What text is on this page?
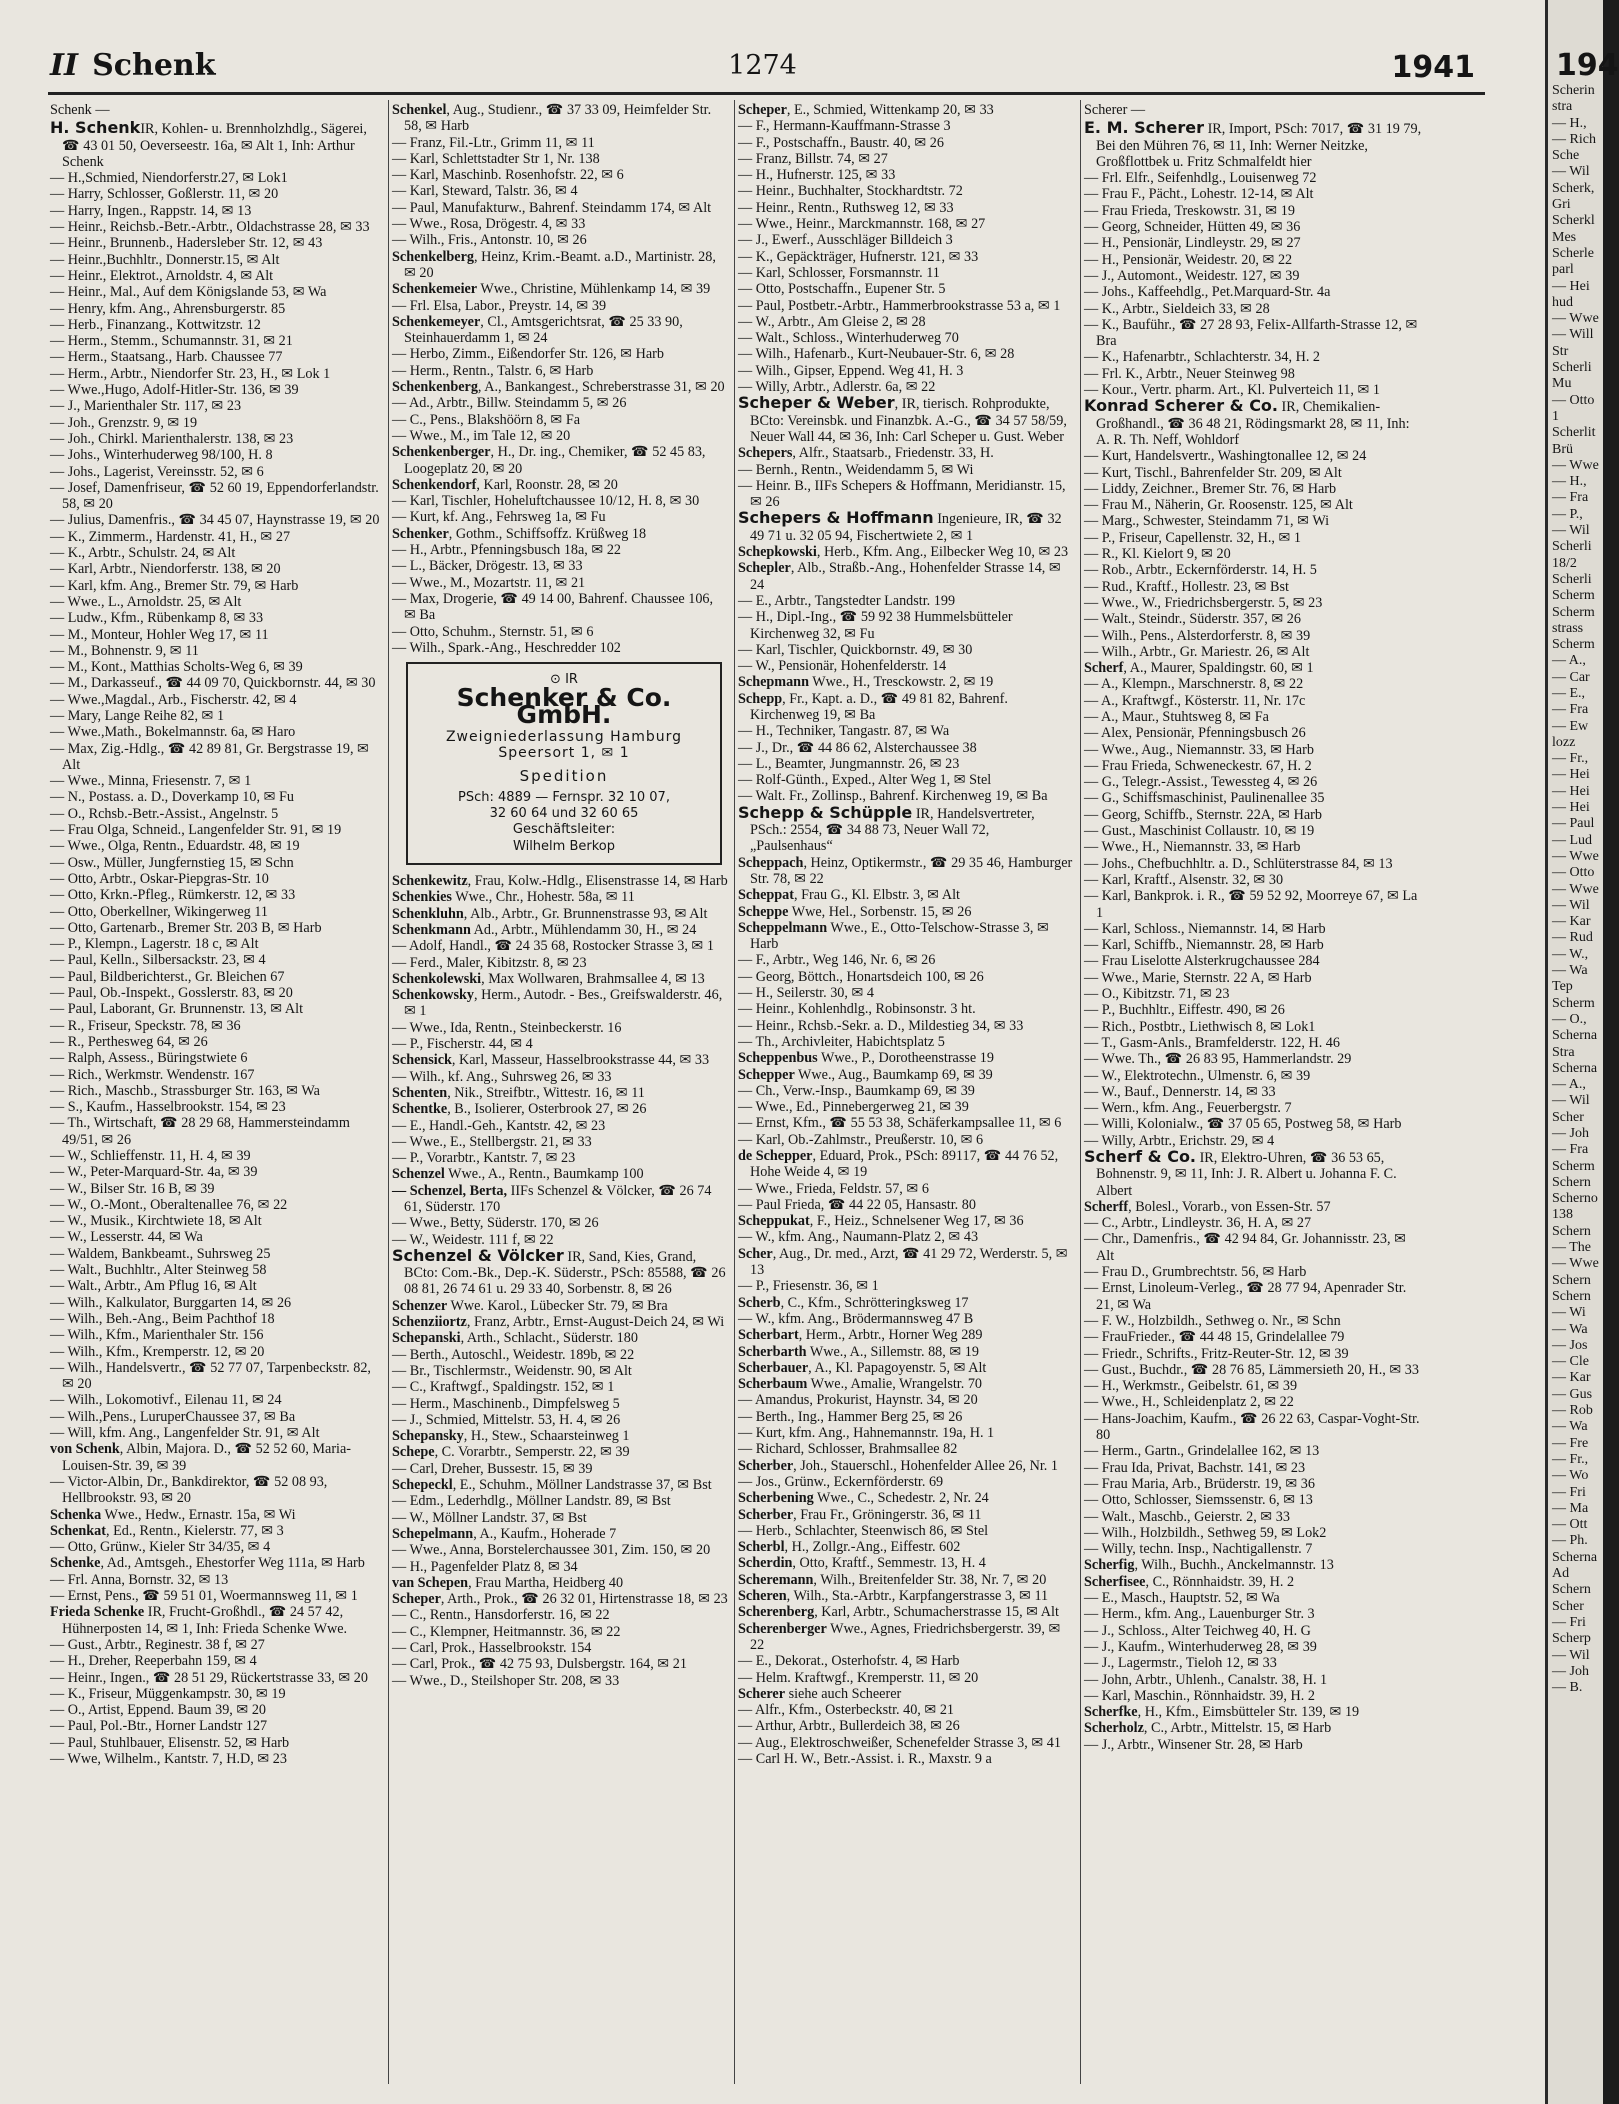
II Schenk	1274	1941
Schenk —

H. SchenkIR, Kohlen- u. Brennholzhdlg., Sägerei, ☎ 43 01 50, Oeverseestr. 16a, ✉ Alt 1, Inh: Arthur Schenk

— H.,Schmied, Niendorferstr.27, ✉ Lok1

— Harry, Schlosser, Goßlerstr. 11, ✉ 20

— Harry, Ingen., Rappstr. 14, ✉ 13

— Heinr., Reichsb.-Betr.-Arbtr., Oldachstrasse 28, ✉ 33

— Heinr., Brunnenb., Hadersleber Str. 12, ✉ 43

— Heinr.,Buchhltr., Donnerstr.15, ✉ Alt

— Heinr., Elektrot., Arnoldstr. 4, ✉ Alt

— Heinr., Mal., Auf dem Königslande 53, ✉ Wa

— Henry, kfm. Ang., Ahrensburgerstr. 85

— Herb., Finanzang., Kottwitzstr. 12

— Herm., Stemm., Schumannstr. 31, ✉ 21

— Herm., Staatsang., Harb. Chaussee 77

— Herm., Arbtr., Niendorfer Str. 23, H., ✉ Lok 1

— Wwe.,Hugo, Adolf-Hitler-Str. 136, ✉ 39

— J., Marienthaler Str. 117, ✉ 23

— Joh., Grenzstr. 9, ✉ 19

— Joh., Chirkl. Marienthalerstr. 138, ✉ 23

— Johs., Winterhuderweg 98/100, H. 8

— Johs., Lagerist, Vereinsstr. 52, ✉ 6

— Josef, Damenfriseur, ☎ 52 60 19, Eppendorferlandstr. 58, ✉ 20

— Julius, Damenfris., ☎ 34 45 07, Haynstrasse 19, ✉ 20

— K., Zimmerm., Hardenstr. 41, H., ✉ 27

— K., Arbtr., Schulstr. 24, ✉ Alt

— Karl, Arbtr., Niendorferstr. 138, ✉ 20

— Karl, kfm. Ang., Bremer Str. 79, ✉ Harb

— Wwe., L., Arnoldstr. 25, ✉ Alt

— Ludw., Kfm., Rübenkamp 8, ✉ 33

— M., Monteur, Hohler Weg 17, ✉ 11

— M., Bohnenstr. 9, ✉ 11

— M., Kont., Matthias Scholts-Weg 6, ✉ 39

— M., Darkasseuf., ☎ 44 09 70, Quickbornstr. 44, ✉ 30

— Wwe.,Magdal., Arb., Fischerstr. 42, ✉ 4

— Mary, Lange Reihe 82, ✉ 1

— Wwe.,Math., Bokelmannstr. 6a, ✉ Haro

— Max, Zig.-Hdlg., ☎ 42 89 81, Gr. Bergstrasse 19, ✉ Alt

— Wwe., Minna, Friesenstr. 7, ✉ 1

— N., Postass. a. D., Doverkamp 10, ✉ Fu

— O., Rchsb.-Betr.-Assist., Angelnstr. 5

— Frau Olga, Schneid., Langenfelder Str. 91, ✉ 19

— Wwe., Olga, Rentn., Eduardstr. 48, ✉ 19

— Osw., Müller, Jungfernstieg 15, ✉ Schn

— Otto, Arbtr., Oskar-Piepgras-Str. 10

— Otto, Krkn.-Pfleg., Rümkerstr. 12, ✉ 33

— Otto, Oberkellner, Wikingerweg 11

— Otto, Gartenarb., Bremer Str. 203 B, ✉ Harb

— P., Klempn., Lagerstr. 18 c, ✉ Alt

— Paul, Kelln., Silbersackstr. 23, ✉ 4

— Paul, Bildberichterst., Gr. Bleichen 67

— Paul, Ob.-Inspekt., Gosslerstr. 83, ✉ 20

— Paul, Laborant, Gr. Brunnenstr. 13, ✉ Alt

— R., Friseur, Speckstr. 78, ✉ 36

— R., Perthesweg 64, ✉ 26

— Ralph, Assess., Büringstwiete 6

— Rich., Werkmstr. Wendenstr. 167

— Rich., Maschb., Strassburger Str. 163, ✉ Wa

— S., Kaufm., Hasselbrookstr. 154, ✉ 23

— Th., Wirtschaft, ☎ 28 29 68, Hammersteindamm 49/51, ✉ 26

— W., Schlieffenstr. 11, H. 4, ✉ 39

— W., Peter-Marquard-Str. 4a, ✉ 39

— W., Bilser Str. 16 B, ✉ 39

— W., O.-Mont., Oberaltenallee 76, ✉ 22

— W., Musik., Kirchtwiete 18, ✉ Alt

— W., Lesserstr. 44, ✉ Wa

— Waldem, Bankbeamt., Suhrsweg 25

— Walt., Buchhltr., Alter Steinweg 58

— Walt., Arbtr., Am Pflug 16, ✉ Alt

— Wilh., Kalkulator, Burggarten 14, ✉ 26

— Wilh., Beh.-Ang., Beim Pachthof 18

— Wilh., Kfm., Marienthaler Str. 156

— Wilh., Kfm., Kremperstr. 12, ✉ 20

— Wilh., Handelsvertr., ☎ 52 77 07, Tarpenbeckstr. 82, ✉ 20

— Wilh., Lokomotivf., Eilenau 11, ✉ 24

— Wilh.,Pens., LuruperChaussee 37, ✉ Ba

— Will, kfm. Ang., Langenfelder Str. 91, ✉ Alt

von Schenk, Albin, Majora. D., ☎ 52 52 60, Maria-Louisen-Str. 39, ✉ 39

— Victor-Albin, Dr., Bankdirektor, ☎ 52 08 93, Hellbrookstr. 93, ✉ 20

Schenka Wwe., Hedw., Ernastr. 15a, ✉ Wi

Schenkat, Ed., Rentn., Kielerstr. 77, ✉ 3

— Otto, Grünw., Kieler Str 34/35, ✉ 4

Schenke, Ad., Amtsgeh., Ehestorfer Weg 111a, ✉ Harb

— Frl. Anna, Bornstr. 32, ✉ 13

— Ernst, Pens., ☎ 59 51 01, Woermannsweg 11, ✉ 1

Frieda Schenke IR, Frucht-Großhdl., ☎ 24 57 42, Hühnerposten 14, ✉ 1, Inh: Frieda Schenke Wwe.

— Gust., Arbtr., Reginestr. 38 f, ✉ 27

— H., Dreher, Reeperbahn 159, ✉ 4

— Heinr., Ingen., ☎ 28 51 29, Rückertstrasse 33, ✉ 20

— K., Friseur, Müggenkampstr. 30, ✉ 19

— O., Artist, Eppend. Baum 39, ✉ 20

— Paul, Pol.-Btr., Horner Landstr 127

— Paul, Stuhlbauer, Elisenstr. 52, ✉ Harb

— Wwe, Wilhelm., Kantstr. 7, H.D, ✉ 23

Schenkel, Aug., Studienr., ☎ 37 33 09, Heimfelder Str. 58, ✉ Harb

— Franz, Fil.-Ltr., Grimm 11, ✉ 11

— Karl, Schlettstadter Str 1, Nr. 138

— Karl, Maschinb. Rosenhofstr. 22, ✉ 6

— Karl, Steward, Talstr. 36, ✉ 4

— Paul, Manufakturw., Bahrenf. Steindamm 174, ✉ Alt

— Wwe., Rosa, Drögestr. 4, ✉ 33

— Wilh., Fris., Antonstr. 10, ✉ 26

Schenkelberg, Heinz, Krim.-Beamt. a.D., Martinistr. 28, ✉ 20

Schenkemeier Wwe., Christine, Mühlenkamp 14, ✉ 39

— Frl. Elsa, Labor., Preystr. 14, ✉ 39

Schenkemeyer, Cl., Amtsgerichtsrat, ☎ 25 33 90, Steinhauerdamm 1, ✉ 24

— Herbo, Zimm., Eißendorfer Str. 126, ✉ Harb

— Herm., Rentn., Talstr. 6, ✉ Harb

Schenkenberg, A., Bankangest., Schreberstrasse 31, ✉ 20

— Ad., Arbtr., Billw. Steindamm 5, ✉ 26

— C., Pens., Blakshöörn 8, ✉ Fa

— Wwe., M., im Tale 12, ✉ 20

Schenkenberger, H., Dr. ing., Chemiker, ☎ 52 45 83, Loogeplatz 20, ✉ 20

Schenkendorf, Karl, Roonstr. 28, ✉ 20

— Karl, Tischler, Hoheluftchaussee 10/12, H. 8, ✉ 30

— Kurt, kf. Ang., Fehrsweg 1a, ✉ Fu

Schenker, Gothm., Schiffsoffz. Krüßweg 18

— H., Arbtr., Pfenningsbusch 18a, ✉ 22

— L., Bäcker, Drögestr. 13, ✉ 33

— Wwe., M., Mozartstr. 11, ✉ 21

— Max, Drogerie, ☎ 49 14 00, Bahrenf. Chaussee 106, ✉ Ba

— Otto, Schuhm., Sternstr. 51, ✉ 6

— Wilh., Spark.-Ang., Heschredder 102

⊙ IR
Schenker & Co. GmbH.
Zweigniederlassung Hamburg
Speersort 1, ✉ 1
Spedition
PSch: 4889 — Fernspr. 32 10 07,
32 60 64 und 32 60 65
Geschäftsleiter:
Wilhelm Berkop

Schenkewitz, Frau, Kolw.-Hdlg., Elisenstrasse 14, ✉ Harb

Schenkies Wwe., Chr., Hohestr. 58a, ✉ 11

Schenkluhn, Alb., Arbtr., Gr. Brunnenstrasse 93, ✉ Alt

Schenkmann Ad., Arbtr., Mühlendamm 30, H., ✉ 24

— Adolf, Handl., ☎ 24 35 68, Rostocker Strasse 3, ✉ 1

— Ferd., Maler, Kibitzstr. 8, ✉ 23

Schenkolewski, Max Wollwaren, Brahmsallee 4, ✉ 13

Schenkowsky, Herm., Autodr. - Bes., Greifswalderstr. 46, ✉ 1

— Wwe., Ida, Rentn., Steinbeckerstr. 16

— P., Fischerstr. 44, ✉ 4

Schensick, Karl, Masseur, Hasselbrookstrasse 44, ✉ 33

— Wilh., kf. Ang., Suhrsweg 26, ✉ 33

Schenten, Nik., Streifbtr., Wittestr. 16, ✉ 11

Schentke, B., Isolierer, Osterbrook 27, ✉ 26

— E., Handl.-Geh., Kantstr. 42, ✉ 23

— Wwe., E., Stellbergstr. 21, ✉ 33

— P., Vorarbtr., Kantstr. 7, ✉ 23

Schenzel Wwe., A., Rentn., Baumkamp 100

— Schenzel, Berta, IIFs Schenzel & Völcker, ☎ 26 74 61, Süderstr. 170

— Wwe., Betty, Süderstr. 170, ✉ 26

— W., Weidestr. 111 f, ✉ 22

Schenzel & Völcker IR, Sand, Kies, Grand, BCto: Com.-Bk., Dep.-K. Süderstr., PSch: 85588, ☎ 26 08 81, 26 74 61 u. 29 33 40, Sorbenstr. 8, ✉ 26

Schenzer Wwe. Karol., Lübecker Str. 79, ✉ Bra

Schenziiortz, Franz, Arbtr., Ernst-August-Deich 24, ✉ Wi

Schepanski, Arth., Schlacht., Süderstr. 180

— Berth., Autoschl., Weidestr. 189b, ✉ 22

— Br., Tischlermstr., Weidenstr. 90, ✉ Alt

— C., Kraftwgf., Spaldingstr. 152, ✉ 1

— Herm., Maschinenb., Dimpfelsweg 5

— J., Schmied, Mittelstr. 53, H. 4, ✉ 26

Schepansky, H., Stew., Schaarsteinweg 1

Schepe, C. Vorarbtr., Semperstr. 22, ✉ 39

— Carl, Dreher, Bussestr. 15, ✉ 39

Schepeckl, E., Schuhm., Möllner Landstrasse 37, ✉ Bst

— Edm., Lederhdlg., Möllner Landstr. 89, ✉ Bst

— W., Möllner Landstr. 37, ✉ Bst

Schepelmann, A., Kaufm., Hoherade 7

— Wwe., Anna, Borstelerchaussee 301, Zim. 150, ✉ 20

— H., Pagenfelder Platz 8, ✉ 34

van Schepen, Frau Martha, Heidberg 40

Scheper, Arth., Prok., ☎ 26 32 01, Hirtenstrasse 18, ✉ 23

— C., Rentn., Hansdorferstr. 16, ✉ 22

— C., Klempner, Heitmannstr. 36, ✉ 22

— Carl, Prok., Hasselbrookstr. 154

— Carl, Prok., ☎ 42 75 93, Dulsbergstr. 164, ✉ 21

— Wwe., D., Steilshoper Str. 208, ✉ 33

Scheper, E., Schmied, Wittenkamp 20, ✉ 33

— F., Hermann-Kauffmann-Strasse 3

— F., Postschaffn., Baustr. 40, ✉ 26

— Franz, Billstr. 74, ✉ 27

— H., Hufnerstr. 125, ✉ 33

— Heinr., Buchhalter, Stockhardtstr. 72

— Heinr., Rentn., Ruthsweg 12, ✉ 33

— Wwe., Heinr., Marckmannstr. 168, ✉ 27

— J., Ewerf., Ausschläger Billdeich 3

— K., Gepäckträger, Hufnerstr. 121, ✉ 33

— Karl, Schlosser, Forsmannstr. 11

— Otto, Postschaffn., Eupener Str. 5

— Paul, Postbetr.-Arbtr., Hammerbrookstrasse 53 a, ✉ 1

— W., Arbtr., Am Gleise 2, ✉ 28

— Walt., Schloss., Winterhuderweg 70

— Wilh., Hafenarb., Kurt-Neubauer-Str. 6, ✉ 28

— Wilh., Gipser, Eppend. Weg 41, H. 3

— Willy, Arbtr., Adlerstr. 6a, ✉ 22

Scheper & Weber, IR, tierisch. Rohprodukte, BCto: Vereinsbk. und Finanzbk. A.-G., ☎ 34 57 58/59, Neuer Wall 44, ✉ 36, Inh: Carl Scheper u. Gust. Weber

Schepers, Alfr., Staatsarb., Friedenstr. 33, H.

— Bernh., Rentn., Weidendamm 5, ✉ Wi

— Heinr. B., IIFs Schepers & Hoffmann, Meridianstr. 15, ✉ 26

Schepers & Hoffmann Ingenieure, IR, ☎ 32 49 71 u. 32 05 94, Fischertwiete 2, ✉ 1

Schepkowski, Herb., Kfm. Ang., Eilbecker Weg 10, ✉ 23

Schepler, Alb., Straßb.-Ang., Hohenfelder Strasse 14, ✉ 24

— E., Arbtr., Tangstedter Landstr. 199

— H., Dipl.-Ing., ☎ 59 92 38 Hummelsbütteler Kirchenweg 32, ✉ Fu

— Karl, Tischler, Quickbornstr. 49, ✉ 30

— W., Pensionär, Hohenfelderstr. 14

Schepmann Wwe., H., Tresckowstr. 2, ✉ 19

Schepp, Fr., Kapt. a. D., ☎ 49 81 82, Bahrenf. Kirchenweg 19, ✉ Ba

— H., Techniker, Tangastr. 87, ✉ Wa

— J., Dr., ☎ 44 86 62, Alsterchaussee 38

— L., Beamter, Jungmannstr. 26, ✉ 23

— Rolf-Günth., Exped., Alter Weg 1, ✉ Stel

— Walt. Fr., Zollinsp., Bahrenf. Kirchenweg 19, ✉ Ba

Schepp & Schüpple IR, Handelsvertreter, PSch.: 2554, ☎ 34 88 73, Neuer Wall 72, „Paulsenhaus“

Scheppach, Heinz, Optikermstr., ☎ 29 35 46, Hamburger Str. 78, ✉ 22

Scheppat, Frau G., Kl. Elbstr. 3, ✉ Alt

Scheppe Wwe, Hel., Sorbenstr. 15, ✉ 26

Scheppelmann Wwe., E., Otto-Telschow-Strasse 3, ✉ Harb

— F., Arbtr., Weg 146, Nr. 6, ✉ 26

— Georg, Böttch., Honartsdeich 100, ✉ 26

— H., Seilerstr. 30, ✉ 4

— Heinr., Kohlenhdlg., Robinsonstr. 3 ht.

— Heinr., Rchsb.-Sekr. a. D., Mildestieg 34, ✉ 33

— Th., Archivleiter, Habichtsplatz 5

Scheppenbus Wwe., P., Dorotheenstrasse 19

Schepper Wwe., Aug., Baumkamp 69, ✉ 39

— Ch., Verw.-Insp., Baumkamp 69, ✉ 39

— Wwe., Ed., Pinnebergerweg 21, ✉ 39

— Ernst, Kfm., ☎ 55 53 38, Schäferkampsallee 11, ✉ 6

— Karl, Ob.-Zahlmstr., Preußerstr. 10, ✉ 6

de Schepper, Eduard, Prok., PSch: 89117, ☎ 44 76 52, Hohe Weide 4, ✉ 19

— Wwe., Frieda, Feldstr. 57, ✉ 6

— Paul Frieda, ☎ 44 22 05, Hansastr. 80

Scheppukat, F., Heiz., Schnelsener Weg 17, ✉ 36

— W., kfm. Ang., Naumann-Platz 2, ✉ 43

Scher, Aug., Dr. med., Arzt, ☎ 41 29 72, Werderstr. 5, ✉ 13

— P., Friesenstr. 36, ✉ 1

Scherb, C., Kfm., Schrötteringksweg 17

— W., kfm. Ang., Brödermannsweg 47 B

Scherbart, Herm., Arbtr., Horner Weg 289

Scherbarth Wwe., A., Sillemstr. 88, ✉ 19

Scherbauer, A., Kl. Papagoyenstr. 5, ✉ Alt

Scherbaum Wwe., Amalie, Wrangelstr. 70

— Amandus, Prokurist, Haynstr. 34, ✉ 20

— Berth., Ing., Hammer Berg 25, ✉ 26

— Kurt, kfm. Ang., Hahnemannstr. 19a, H. 1

— Richard, Schlosser, Brahmsallee 82

Scherber, Joh., Stauerschl., Hohenfelder Allee 26, Nr. 1

— Jos., Grünw., Eckernförderstr. 69

Scherbening Wwe., C., Schedestr. 2, Nr. 24

Scherber, Frau Fr., Gröningerstr. 36, ✉ 11

— Herb., Schlachter, Steenwisch 86, ✉ Stel

Scherbl, H., Zollgr.-Ang., Eiffestr. 602

Scherdin, Otto, Kraftf., Semmestr. 13, H. 4

Scheremann, Wilh., Breitenfelder Str. 38, Nr. 7, ✉ 20

Scheren, Wilh., Sta.-Arbtr., Karpfangerstrasse 3, ✉ 11

Scherenberg, Karl, Arbtr., Schumacherstrasse 15, ✉ Alt

Scherenberger Wwe., Agnes, Friedrichsbergerstr. 39, ✉ 22

— E., Dekorat., Osterhofstr. 4, ✉ Harb

— Helm. Kraftwgf., Kremperstr. 11, ✉ 20

Scherer siehe auch Scheerer

— Alfr., Kfm., Osterbeckstr. 40, ✉ 21

— Arthur, Arbtr., Bullerdeich 38, ✉ 26

— Aug., Elektroschweißer, Schenefelder Strasse 3, ✉ 41

— Carl H. W., Betr.-Assist. i. R., Maxstr. 9 a

Scherer —

E. M. Scherer IR, Import, PSch: 7017, ☎ 31 19 79, Bei den Mühren 76, ✉ 11, Inh: Werner Neitzke, Großflottbek u. Fritz Schmalfeldt hier

— Frl. Elfr., Seifenhdlg., Louisenweg 72

— Frau F., Pächt., Lohestr. 12-14, ✉ Alt

— Frau Frieda, Treskowstr. 31, ✉ 19

— Georg, Schneider, Hütten 49, ✉ 36

— H., Pensionär, Lindleystr. 29, ✉ 27

— H., Pensionär, Weidestr. 20, ✉ 22

— J., Automont., Weidestr. 127, ✉ 39

— Johs., Kaffeehdlg., Pet.Marquard-Str. 4a

— K., Arbtr., Sieldeich 33, ✉ 28

— K., Bauführ., ☎ 27 28 93, Felix-Allfarth-Strasse 12, ✉ Bra

— K., Hafenarbtr., Schlachterstr. 34, H. 2

— Frl. K., Arbtr., Neuer Steinweg 98

— Kour., Vertr. pharm. Art., Kl. Pulverteich 11, ✉ 1

Konrad Scherer & Co. IR, Chemikalien-Großhandl., ☎ 36 48 21, Rödingsmarkt 28, ✉ 11, Inh: A. R. Th. Neff, Wohldorf

— Kurt, Handelsvertr., Washingtonallee 12, ✉ 24

— Kurt, Tischl., Bahrenfelder Str. 209, ✉ Alt

— Liddy, Zeichner., Bremer Str. 76, ✉ Harb

— Frau M., Näherin, Gr. Roosenstr. 125, ✉ Alt

— Marg., Schwester, Steindamm 71, ✉ Wi

— P., Friseur, Capellenstr. 32, H., ✉ 1

— R., Kl. Kielort 9, ✉ 20

— Rob., Arbtr., Eckernförderstr. 14, H. 5

— Rud., Kraftf., Hollestr. 23, ✉ Bst

— Wwe., W., Friedrichsbergerstr. 5, ✉ 23

— Walt., Steindr., Süderstr. 357, ✉ 26

— Wilh., Pens., Alsterdorferstr. 8, ✉ 39

— Wilh., Arbtr., Gr. Mariestr. 26, ✉ Alt

Scherf, A., Maurer, Spaldingstr. 60, ✉ 1

— A., Klempn., Marschnerstr. 8, ✉ 22

— A., Kraftwgf., Kösterstr. 11, Nr. 17c

— A., Maur., Stuhtsweg 8, ✉ Fa

— Alex, Pensionär, Pfenningsbusch 26

— Wwe., Aug., Niemannstr. 33, ✉ Harb

— Frau Frieda, Schweneckestr. 67, H. 2

— G., Telegr.-Assist., Tewessteg 4, ✉ 26

— G., Schiffsmaschinist, Paulinenallee 35

— Georg, Schiffb., Sternstr. 22A, ✉ Harb

— Gust., Maschinist Collaustr. 10, ✉ 19

— Wwe., H., Niemannstr. 33, ✉ Harb

— Johs., Chefbuchhltr. a. D., Schlüterstrasse 84, ✉ 13

— Karl, Kraftf., Alsenstr. 32, ✉ 30

— Karl, Bankprok. i. R., ☎ 59 52 92, Moorreye 67, ✉ La 1

— Karl, Schloss., Niemannstr. 14, ✉ Harb

— Karl, Schiffb., Niemannstr. 28, ✉ Harb

— Frau Liselotte Alsterkrugchaussee 284

— Wwe., Marie, Sternstr. 22 A, ✉ Harb

— O., Kibitzstr. 71, ✉ 23

— P., Buchhltr., Eiffestr. 490, ✉ 26

— Rich., Postbtr., Liethwisch 8, ✉ Lok1

— T., Gasm-Anls., Bramfelderstr. 122, H. 46

— Wwe. Th., ☎ 26 83 95, Hammerlandstr. 29

— W., Elektrotechn., Ulmenstr. 6, ✉ 39

— W., Bauf., Dennerstr. 14, ✉ 33

— Wern., kfm. Ang., Feuerbergstr. 7

— Willi, Kolonialw., ☎ 37 05 65, Postweg 58, ✉ Harb

— Willy, Arbtr., Erichstr. 29, ✉ 4

Scherf & Co. IR, Elektro-Uhren, ☎ 36 53 65, Bohnenstr. 9, ✉ 11, Inh: J. R. Albert u. Johanna F. C. Albert

Scherff, Bolesl., Vorarb., von Essen-Str. 57

— C., Arbtr., Lindleystr. 36, H. A, ✉ 27

— Chr., Damenfris., ☎ 42 94 84, Gr. Johannisstr. 23, ✉ Alt

— Frau D., Grumbrechtstr. 56, ✉ Harb

— Ernst, Linoleum-Verleg., ☎ 28 77 94, Apenrader Str. 21, ✉ Wa

— F. W., Holzbildh., Sethweg o. Nr., ✉ Schn

— FrauFrieder., ☎ 44 48 15, Grindelallee 79

— Friedr., Schrifts., Fritz-Reuter-Str. 12, ✉ 39

— Gust., Buchdr., ☎ 28 76 85, Lämmersieth 20, H., ✉ 33

— H., Werkmstr., Geibelstr. 61, ✉ 39

— Wwe., H., Schleidenplatz 2, ✉ 22

— Hans-Joachim, Kaufm., ☎ 26 22 63, Caspar-Voght-Str. 80

— Herm., Gartn., Grindelallee 162, ✉ 13

— Frau Ida, Privat, Bachstr. 141, ✉ 23

— Frau Maria, Arb., Brüderstr. 19, ✉ 36

— Otto, Schlosser, Siemssenstr. 6, ✉ 13

— Walt., Maschb., Geierstr. 2, ✉ 33

— Wilh., Holzbildh., Sethweg 59, ✉ Lok2

— Willy, techn. Insp., Nachtigallenstr. 7

Scherfig, Wilh., Buchh., Anckelmannstr. 13

Scherfisee, C., Rönnhaidstr. 39, H. 2

— E., Masch., Hauptstr. 52, ✉ Wa

— Herm., kfm. Ang., Lauenburger Str. 3

— J., Schloss., Alter Teichweg 40, H. G

— J., Kaufm., Winterhuderweg 28, ✉ 39

— J., Lagermstr., Tieloh 12, ✉ 33

— John, Arbtr., Uhlenh., Canalstr. 38, H. 1

— Karl, Maschin., Rönnhaidstr. 39, H. 2

Scherfke, H., Kfm., Eimsbütteler Str. 139, ✉ 19

Scherholz, C., Arbtr., Mittelstr. 15, ✉ Harb

— J., Arbtr., Winsener Str. 28, ✉ Harb

194
Scherin
stra
— H.,
— Rich
Sche
— Wil
Scherk,
Gri
Scherkl
Mes
Scherle
parl
— Hei
hud
— Wwe
— Will
Str
Scherli
Mu
— Otto
1
Scherlit
Brü
— Wwe
— H.,
— Fra
— P.,
— Wil
Scherli
18/2
Scherli
Scherm
Scherm
strass
Scherm
— A.,
— Car
— E.,
— Fra
— Ew
lozz
— Fr.,
— Hei
— Hei
— Hei
— Paul
— Lud
— Wwe
— Otto
— Wwe
— Wil
— Kar
— Rud
— W.,
— Wa
Tep
Scherm
— O.,
Scherna
Stra
Scherna
— A.,
— Wil
Scher
— Joh
— Fra
Scherm
Schern
Scherno
138
Schern
— The
— Wwe
Schern
Schern
— Wi
— Wa
— Jos
— Cle
— Kar
— Gus
— Rob
— Wa
— Fre
— Fr.,
— Wo
— Fri
— Ma
— Ott
— Ph.
Scherna
Ad
Schern
Scher
— Fri
Scherp
— Wil
— Joh
— B.
